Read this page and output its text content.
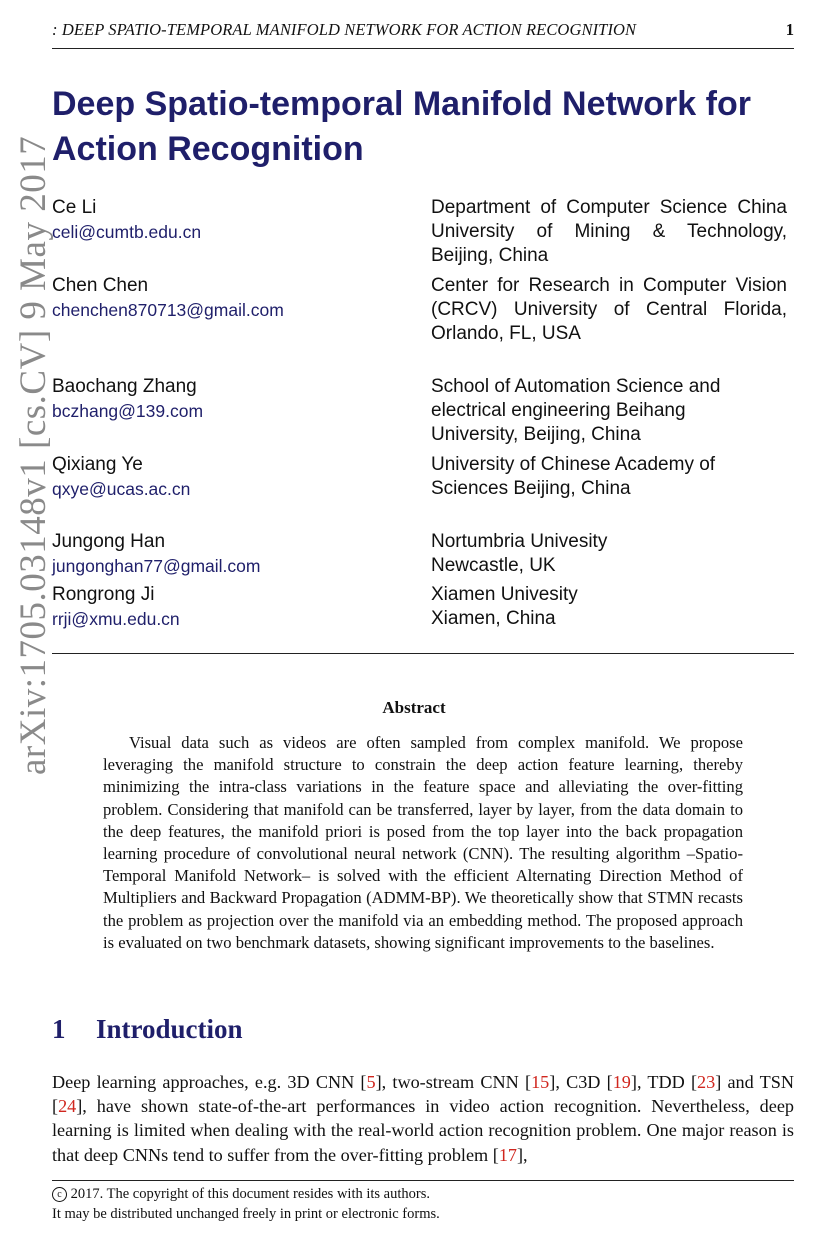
: DEEP SPATIO-TEMPORAL MANIFOLD NETWORK FOR ACTION RECOGNITION	1
arXiv:1705.03148v1 [cs.CV] 9 May 2017
Deep Spatio-temporal Manifold Network for Action Recognition
Ce Li
celi@cumtb.edu.cn
Chen Chen
chenchen870713@gmail.com
Baochang Zhang
bczhang@139.com
Qixiang Ye
qxye@ucas.ac.cn
Jungong Han
jungonghan77@gmail.com
Rongrong Ji
rrji@xmu.edu.cn
Department of Computer Science China University of Mining & Technology, Beijing, China
Center for Research in Computer Vision (CRCV) University of Central Florida, Orlando, FL, USA
School of Automation Science and electrical engineering Beihang University, Beijing, China
University of Chinese Academy of Sciences Beijing, China
Nortumbria Univesity Newcastle, UK
Xiamen Univesity Xiamen, China
Abstract
Visual data such as videos are often sampled from complex manifold. We propose leveraging the manifold structure to constrain the deep action feature learning, thereby minimizing the intra-class variations in the feature space and alleviating the over-fitting problem. Considering that manifold can be transferred, layer by layer, from the data domain to the deep features, the manifold priori is posed from the top layer into the back propagation learning procedure of convolutional neural network (CNN). The resulting algorithm –Spatio-Temporal Manifold Network– is solved with the efficient Alternating Direction Method of Multipliers and Backward Propagation (ADMM-BP). We theoretically show that STMN recasts the problem as projection over the manifold via an embedding method. The proposed approach is evaluated on two benchmark datasets, showing significant improvements to the baselines.
1 Introduction
Deep learning approaches, e.g. 3D CNN [5], two-stream CNN [15], C3D [19], TDD [23] and TSN [24], have shown state-of-the-art performances in video action recognition. Nevertheless, deep learning is limited when dealing with the real-world action recognition problem. One major reason is that deep CNNs tend to suffer from the over-fitting problem [17],
c 2017. The copyright of this document resides with its authors.
It may be distributed unchanged freely in print or electronic forms.
